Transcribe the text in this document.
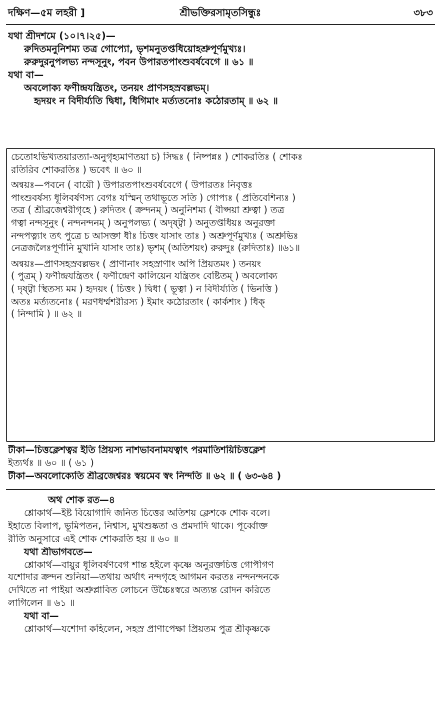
দক্ষিণ—৫ম লহরী ]	শ্রীভক্তিরসামৃতসিন্ধুঃ	৩৮৩
যথা শ্রীদশমে (১০।৭।২৫)—
রুদিতমনুনিশম্য তত্র গোপ্যো, ভৃশমনুতপ্তধিয়োহশ্রুপূর্ণমুখ্যঃ।
রুরুদুরনুপলভ্য নন্দসূনুং, পবন উপারতপাংশুবর্ষবেগে ॥ ৬১ ॥
যথা বা—
অবলোক্য ফণীন্দ্রযন্ত্রিতং, তনয়ং প্রাণসহস্রবল্লভম্।
হৃদয়ং ন বিদীর্য্যতি দ্বিধা, ধিগিমাং মর্ত্যতনোঃ কঠোরতাম্ ॥ ৬২ ॥
চেতোঽভিখ্যতয়ারত্যা-অনুগৃহ্যমাণতয়া চ) সিদ্ধঃ ( নিষ্পন্নঃ ) শোকরতিঃ ( শোকঃ
রতিরিব শোকরতিঃ ) ভবেৎ ॥ ৬০ ॥
অন্বয়ঃ—পবনে ( বায়ৌ ) উপারতপাংশুবর্ষবেগে ( উপারতঃ নিবৃত্তঃ
পাংশুবর্ষস্য ধূলিবর্ষণস্য বেগঃ যস্মিন্ তথাভূতে সতি ) গোপ্যঃ ( প্রতিবেশিন্যঃ )
তত্র ( শ্রীব্রজেশ্বরীগৃহে ) রুদিতং ( ক্রন্দনম্ ) অনুনিশম্য ( বীপ্সয়া শ্রুত্বা ) তত্র
গত্বা নন্দসূনুং ( নন্দনন্দনম্ ) অনুপলভ্য ( অদৃষ্ট্বা ) অনুতপ্তধিয়ঃ অনুরক্তা
নন্দপত্ন্যাং তৎ পুত্রে চ আসক্তা ধীঃ চিত্তং যাসাং তাঃ ) অশ্রুপূর্ণমুখ্যঃ ( অশ্রুভিঃ
নেত্রজলৈঃপূর্ণানি মুখানি যাসাং তাঃ) ভৃশম্ (অতিশয়ং) রুরুদুঃ (রুদিতাঃ) ॥৬১॥
অন্বয়ঃ—প্রাণসহস্রবল্লভং ( প্রাণানাং সহস্রাণাং অপি প্রিয়তমং ) তনয়ং
( পুত্রম্ ) ফণীন্দ্রযন্ত্রিতং ( ফণীন্দ্রেণ কালিয়েন যন্ত্রিতং বেষ্টিতম্ ) অবলোক্য
( দৃষ্ট্বা স্থিতস্য মম ) হৃদয়ং ( চিত্তং ) দ্বিধা ( ভূত্বা ) ন বিদীর্য্যতি ( ভিনত্তি )
অতঃ মর্ত্যতনোঃ ( মরণধর্ম্মশরীরস্য ) ইমাং কঠোরতাং ( কার্কশ্যং ) ধিক্
( নিন্দামি ) ॥ ৬২ ॥
টীকা—চিত্তক্লেশত্বর ইতি প্রিয়স্য নাশভাবনামযত্বাৎ পরমাতিশয়িচিত্তক্লেশ
ইত্যর্থঃ ॥ ৬০ ॥ ( ৬১ )
টীকা—অবলোক্যেতি শ্রীব্রজেশ্বরঃ স্বয়মেব স্বং নিন্দতি ॥ ৬২ ॥ ( ৬৩-৬৪ )
অথ শোক রত—৪
শ্লোকার্থ—ইষ্ট বিয়োগাদি জনিত চিত্তের অতিশয় ক্লেশকে শোক বলে।
ইহাতে বিলাপ, ভূমিপতন, নিশ্বাস, মুখশুষ্কতা ও প্রমদাদি থাকে। পূর্ব্বোক্ত
রীতি অনুসারে এই শোক শোকরতি হয় ॥ ৬০ ॥
যথা শ্রীভাগবতে—
শ্লোকার্থ—বায়ুর ধূলিবর্ষণবেগ শান্ত হইলে কৃষ্ণে অনুরক্তচিত্ত গোপীগণ
যশোদার ক্রন্দন শুনিয়া—তথায় অর্থাৎ নন্দগৃহে আগমন করতঃ নন্দনন্দনকে
দেখিতে না পাইয়া অশ্রুপ্লাবিত লোচনে উচ্চৈঃস্বরে অত্যন্ত রোদন করিতে
লাগিলেন ॥ ৬১ ॥
যথা বা—
শ্লোকার্থ—যশোদা কহিলেন, সহস্র প্রাণাপেক্ষা প্রিয়তম পুত্র শ্রীকৃষ্ণকে
